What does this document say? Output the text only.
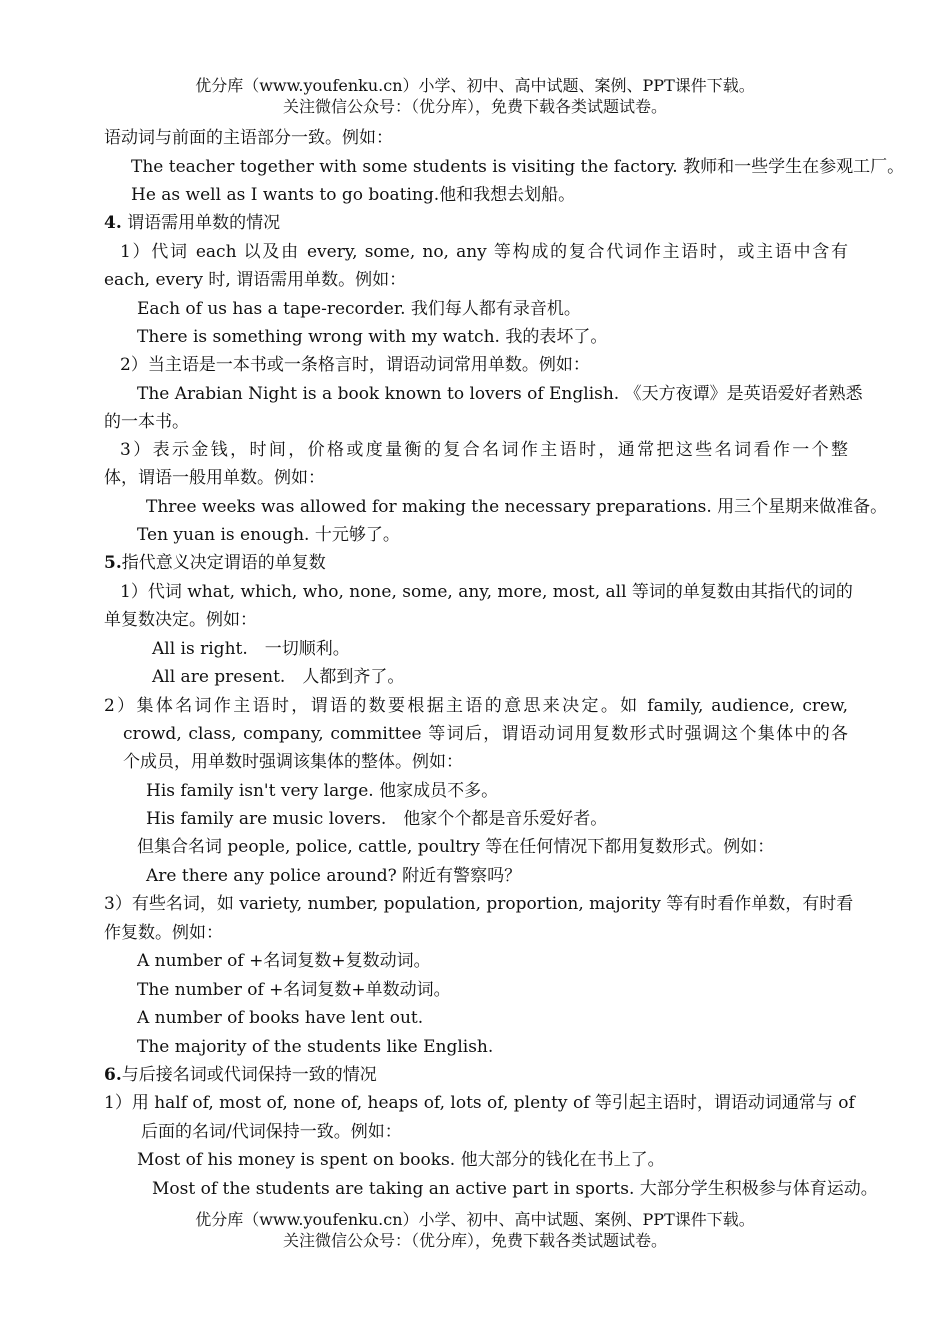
优分库（www.youfenku.cn）小学、初中、高中试题、案例、PPT课件下载。
关注微信公众号：（优分库），免费下载各类试题试卷。
语动词与前面的主语部分一致。例如：
The teacher together with some students is visiting the factory. 教师和一些学生在参观工厂。
He as well as I wants to go boating.他和我想去划船。
4. 谓语需用单数的情况
1）代词 each 以及由 every, some, no, any 等构成的复合代词作主语时，或主语中含有
each, every 时, 谓语需用单数。例如：
Each of us has a tape-recorder. 我们每人都有录音机。
There is something wrong with my watch. 我的表坏了。
2）当主语是一本书或一条格言时，谓语动词常用单数。例如：
The Arabian Night is a book known to lovers of English. 《天方夜谭》是英语爱好者熟悉
的一本书。
3）表示金钱，时间，价格或度量衡的复合名词作主语时，通常把这些名词看作一个整
体，谓语一般用单数。例如：
Three weeks was allowed for making the necessary preparations. 用三个星期来做准备。
Ten yuan is enough. 十元够了。
5.指代意义决定谓语的单复数
1）代词 what, which, who, none, some, any, more, most, all 等词的单复数由其指代的词的
单复数决定。例如：
All is right.　一切顺利。
All are present.　人都到齐了。
2）集体名词作主语时，谓语的数要根据主语的意思来决定。如 family, audience, crew,
crowd, class, company, committee 等词后，谓语动词用复数形式时强调这个集体中的各
个成员，用单数时强调该集体的整体。例如：
His family isn't very large. 他家成员不多。
His family are music lovers.　他家个个都是音乐爱好者。
但集合名词 people, police, cattle, poultry 等在任何情况下都用复数形式。例如：
Are there any police around? 附近有警察吗？
3）有些名词，如 variety, number, population, proportion, majority 等有时看作单数，有时看
作复数。例如：
A number of +名词复数+复数动词。
The number of +名词复数+单数动词。
A number of books have lent out.
The majority of the students like English.
6.与后接名词或代词保持一致的情况
1）用 half of, most of, none of, heaps of, lots of, plenty of 等引起主语时，谓语动词通常与 of
后面的名词/代词保持一致。例如：
Most of his money is spent on books. 他大部分的钱化在书上了。
Most of the students are taking an active part in sports. 大部分学生积极参与体育运动。
优分库（www.youfenku.cn）小学、初中、高中试题、案例、PPT课件下载。
关注微信公众号：（优分库），免费下载各类试题试卷。
